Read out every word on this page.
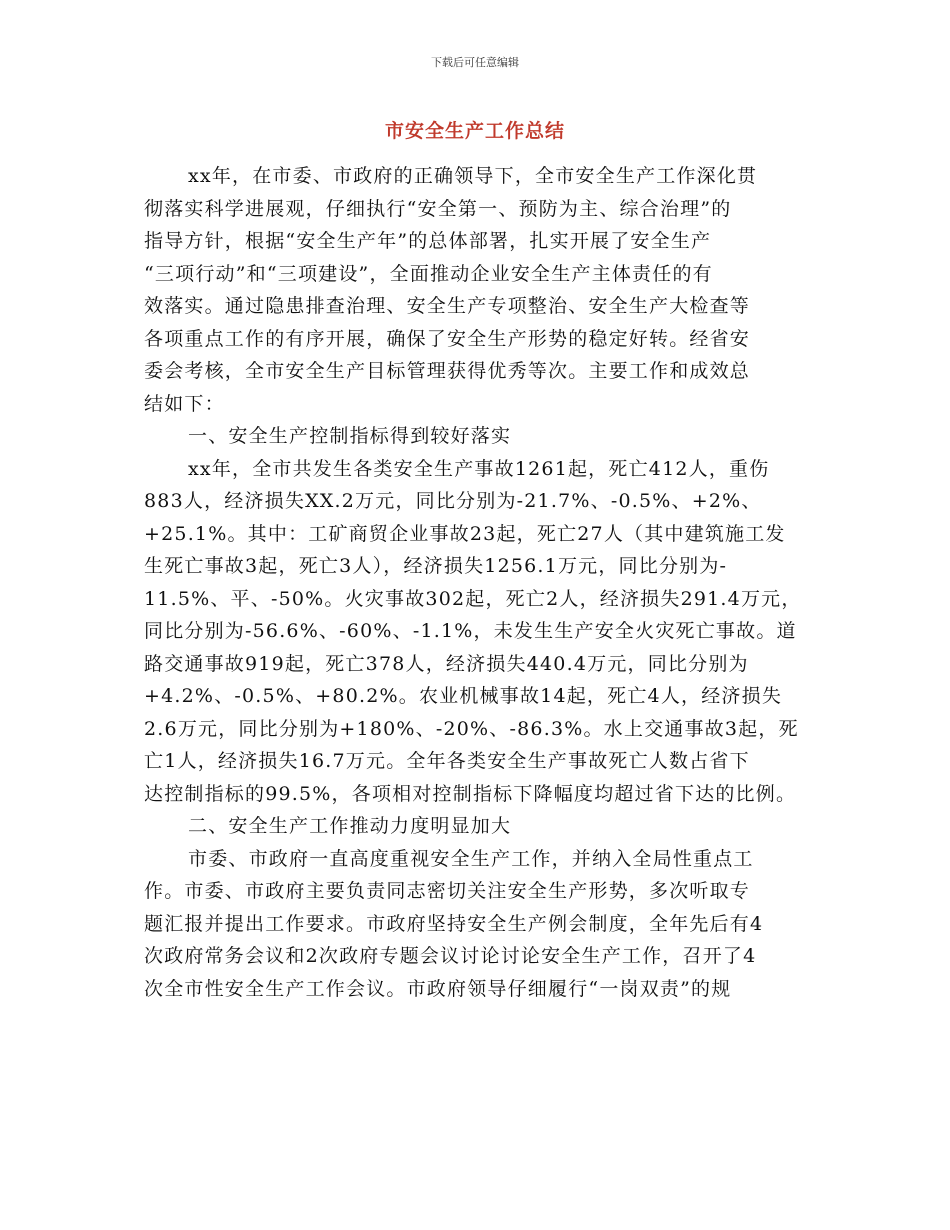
下载后可任意编辑
市安全生产工作总结
xx年，在市委、市政府的正确领导下，全市安全生产工作深化贯
彻落实科学进展观，仔细执行“安全第一、预防为主、综合治理”的
指导方针，根据“安全生产年”的总体部署，扎实开展了安全生产
“三项行动”和“三项建设”，全面推动企业安全生产主体责任的有
效落实。通过隐患排查治理、安全生产专项整治、安全生产大检查等
各项重点工作的有序开展，确保了安全生产形势的稳定好转。经省安
委会考核，全市安全生产目标管理获得优秀等次。主要工作和成效总
结如下：
一、安全生产控制指标得到较好落实
xx年，全市共发生各类安全生产事故1261起，死亡412人，重伤
883人，经济损失XX.2万元，同比分别为-21.7%、-0.5%、+2%、
+25.1%。其中：工矿商贸企业事故23起，死亡27人（其中建筑施工发
生死亡事故3起，死亡3人），经济损失1256.1万元，同比分别为-
11.5%、平、-50%。火灾事故302起，死亡2人，经济损失291.4万元，
同比分别为-56.6%、-60%、-1.1%，未发生生产安全火灾死亡事故。道
路交通事故919起，死亡378人，经济损失440.4万元，同比分别为
+4.2%、-0.5%、+80.2%。农业机械事故14起，死亡4人，经济损失
2.6万元，同比分别为+180%、-20%、-86.3%。水上交通事故3起，死
亡1人，经济损失16.7万元。全年各类安全生产事故死亡人数占省下
达控制指标的99.5%，各项相对控制指标下降幅度均超过省下达的比例。
二、安全生产工作推动力度明显加大
市委、市政府一直高度重视安全生产工作，并纳入全局性重点工
作。市委、市政府主要负责同志密切关注安全生产形势，多次听取专
题汇报并提出工作要求。市政府坚持安全生产例会制度，全年先后有4
次政府常务会议和2次政府专题会议讨论讨论安全生产工作，召开了4
次全市性安全生产工作会议。市政府领导仔细履行“一岗双责”的规
